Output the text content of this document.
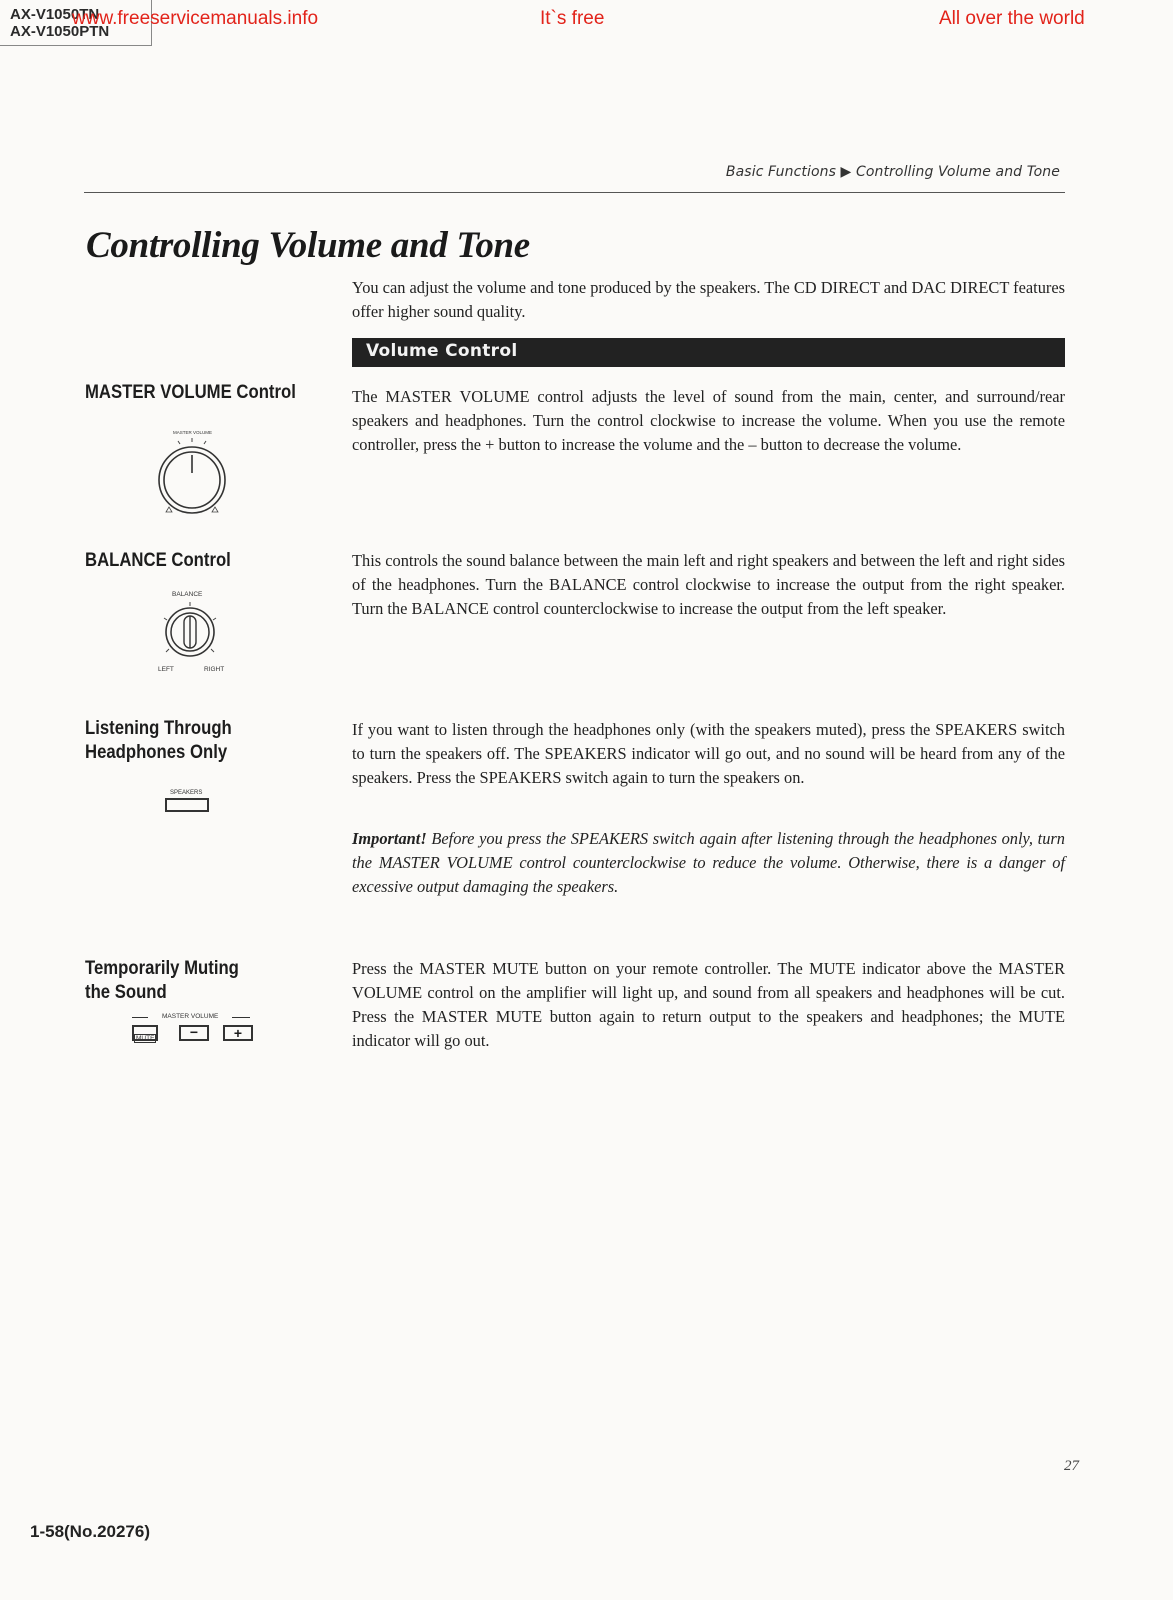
AX-V1050TN
AX-V1050PTN
www.freeservicemanuals.info	It`s free	All over the world
Basic Functions ▶ Controlling Volume and Tone
Controlling Volume and Tone
You can adjust the volume and tone produced by the speakers. The CD DIRECT and DAC DIRECT features offer higher sound quality.
Volume Control
MASTER VOLUME Control
MASTER VOLUME
The MASTER VOLUME control adjusts the level of sound from the main, center, and surround/rear speakers and headphones. Turn the control clockwise to increase the volume. When you use the remote controller, press the + button to increase the volume and the – button to decrease the volume.
BALANCE Control
BALANCE
LEFT	RIGHT
This controls the sound balance between the main left and right speakers and between the left and right sides of the headphones. Turn the BALANCE control clockwise to increase the output from the right speaker. Turn the BALANCE control counterclockwise to increase the output from the left speaker.
Listening Through
Headphones Only
SPEAKERS
If you want to listen through the headphones only (with the speakers muted), press the SPEAKERS switch to turn the speakers off. The SPEAKERS indicator will go out, and no sound will be heard from any of the speakers. Press the SPEAKERS switch again to turn the speakers on.
Important! Before you press the SPEAKERS switch again after listening through the headphones only, turn the MASTER VOLUME control counterclockwise to reduce the volume. Otherwise, there is a danger of excessive output damaging the speakers.
Temporarily Muting
the Sound
MASTER VOLUME
MUTE	−	+
Press the MASTER MUTE button on your remote controller. The MUTE indicator above the MASTER VOLUME control on the amplifier will light up, and sound from all speakers and headphones will be cut. Press the MASTER MUTE button again to return output to the speakers and headphones; the MUTE indicator will go out.
27
1-58(No.20276)
